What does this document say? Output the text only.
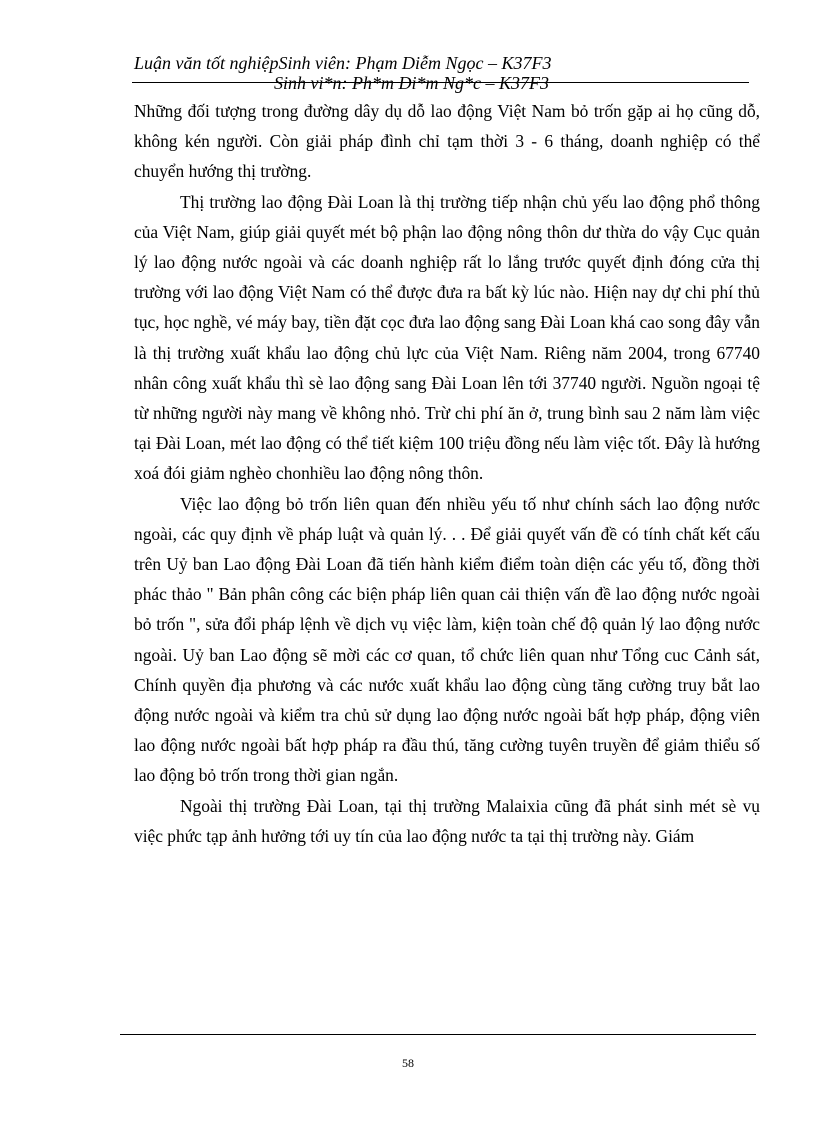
Luận văn tốt nghiệpSinh viên: Phạm Diễm Ngọc – K37F3
Sinh vi*n: Ph*m Di*m Ng*c – K37F3

Những đối tượng trong đường dây dụ dỗ lao động Việt Nam bỏ trốn gặp ai họ cũng dỗ, không kén người. Còn giải pháp đình chỉ tạm thời 3 - 6 tháng, doanh nghiệp có thể chuyển hướng thị trường.

Thị trường lao động Đài Loan là thị trường tiếp nhận chủ yếu lao động phổ thông của Việt Nam, giúp giải quyết mét bộ phận lao động nông thôn dư thừa do vậy Cục quản lý lao động nước ngoài và các doanh nghiệp rất lo lắng trước quyết định đóng cửa thị trường với lao động Việt Nam có thể được đưa ra bất kỳ lúc nào. Hiện nay dự chi phí thủ tục, học nghề, vé máy bay, tiền đặt cọc đưa lao động sang Đài Loan khá cao song đây vẫn là thị trường xuất khẩu lao động chủ lực của Việt Nam. Riêng năm 2004, trong 67740 nhân công xuất khẩu thì sè lao động sang Đài Loan lên tới 37740 người. Nguồn ngoại tệ từ những người này mang về không nhỏ. Trừ chi phí ăn ở, trung bình sau 2 năm làm việc tại Đài Loan, mét lao động có thể tiết kiệm 100 triệu đồng nếu làm việc tốt. Đây là hướng xoá đói giảm nghèo chonhiều lao động nông thôn.

Việc lao động bỏ trốn liên quan đến nhiều yếu tố như chính sách lao động nước ngoài, các quy định về pháp luật và quản lý. . . Để giải quyết vấn đề có tính chất kết cấu trên Uỷ ban Lao động Đài Loan đã tiến hành kiểm điểm toàn diện các yếu tố, đồng thời phác thảo " Bản phân công các biện pháp liên quan cải thiện vấn đề lao động nước ngoài bỏ trốn ", sửa đổi pháp lệnh về dịch vụ việc làm, kiện toàn chế độ quản lý lao động nước ngoài. Uỷ ban Lao động sẽ mời các cơ quan, tổ chức liên quan như Tổng cuc Cảnh sát, Chính quyền địa phương và các nước xuất khẩu lao động cùng tăng cường truy bắt lao động nước ngoài và kiểm tra chủ sử dụng lao động nước ngoài bất hợp pháp, động viên lao động nước ngoài bất hợp pháp ra đầu thú, tăng cường tuyên truyền để giảm thiểu số lao động bỏ trốn trong thời gian ngắn.

Ngoài thị trường Đài Loan, tại thị trường Malaixia cũng đã phát sinh mét sè vụ việc phức tạp ảnh hưởng tới uy tín của lao động nước ta tại thị trường này. Giám

58
